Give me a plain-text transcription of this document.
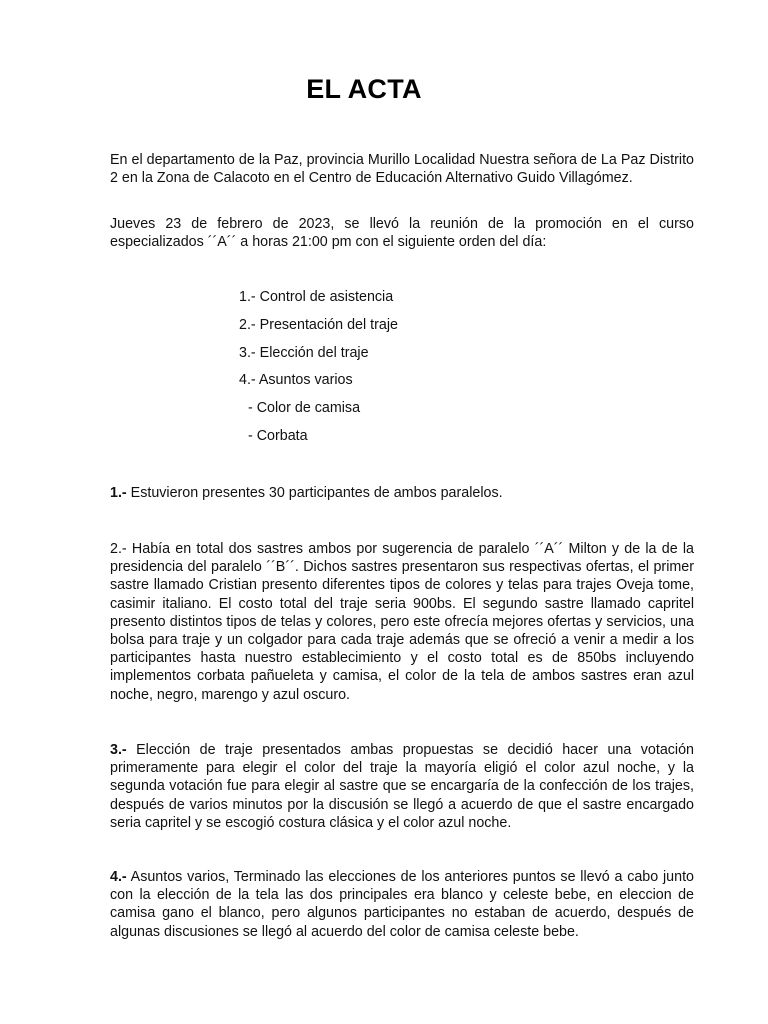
EL ACTA

En el departamento de la Paz, provincia Murillo Localidad Nuestra señora de La Paz Distrito 2 en la Zona de Calacoto en el Centro de Educación Alternativo Guido Villagómez.

Jueves 23 de febrero de 2023, se llevó la reunión de la promoción en el curso especializados ´´A´´ a horas 21:00 pm con el siguiente orden del día:

1.- Control de asistencia
2.- Presentación del traje
3.- Elección del traje
4.- Asuntos varios
- Color de camisa
- Corbata

1.- Estuvieron presentes 30 participantes de ambos paralelos.

2.- Había en total dos sastres ambos por sugerencia de paralelo ´´A´´ Milton y de la de la presidencia del paralelo ´´B´´. Dichos sastres presentaron sus respectivas ofertas, el primer sastre llamado Cristian presento diferentes tipos de colores y telas para trajes Oveja tome, casimir italiano. El costo total del traje seria 900bs. El segundo sastre llamado capritel presento distintos tipos de telas y colores, pero este ofrecía mejores ofertas y servicios, una bolsa para traje y un colgador para cada traje además que se ofreció a venir a medir a los participantes hasta nuestro establecimiento y el costo total es de 850bs incluyendo implementos corbata pañueleta y camisa, el color de la tela de ambos sastres eran azul noche, negro, marengo y azul oscuro.

3.- Elección de traje presentados ambas propuestas se decidió hacer una votación primeramente para elegir el color del traje la mayoría eligió el color azul noche, y la segunda votación fue para elegir al sastre que se encargaría de la confección de los trajes, después de varios minutos por la discusión se llegó a acuerdo de que el sastre encargado seria capritel y se escogió costura clásica y el color azul noche.

4.- Asuntos varios, Terminado las elecciones de los anteriores puntos se llevó a cabo junto con la elección de la tela las dos principales era blanco y celeste bebe, en eleccion de camisa gano el blanco, pero algunos participantes no estaban de acuerdo, después de algunas discusiones se llegó al acuerdo del color de camisa celeste bebe.
